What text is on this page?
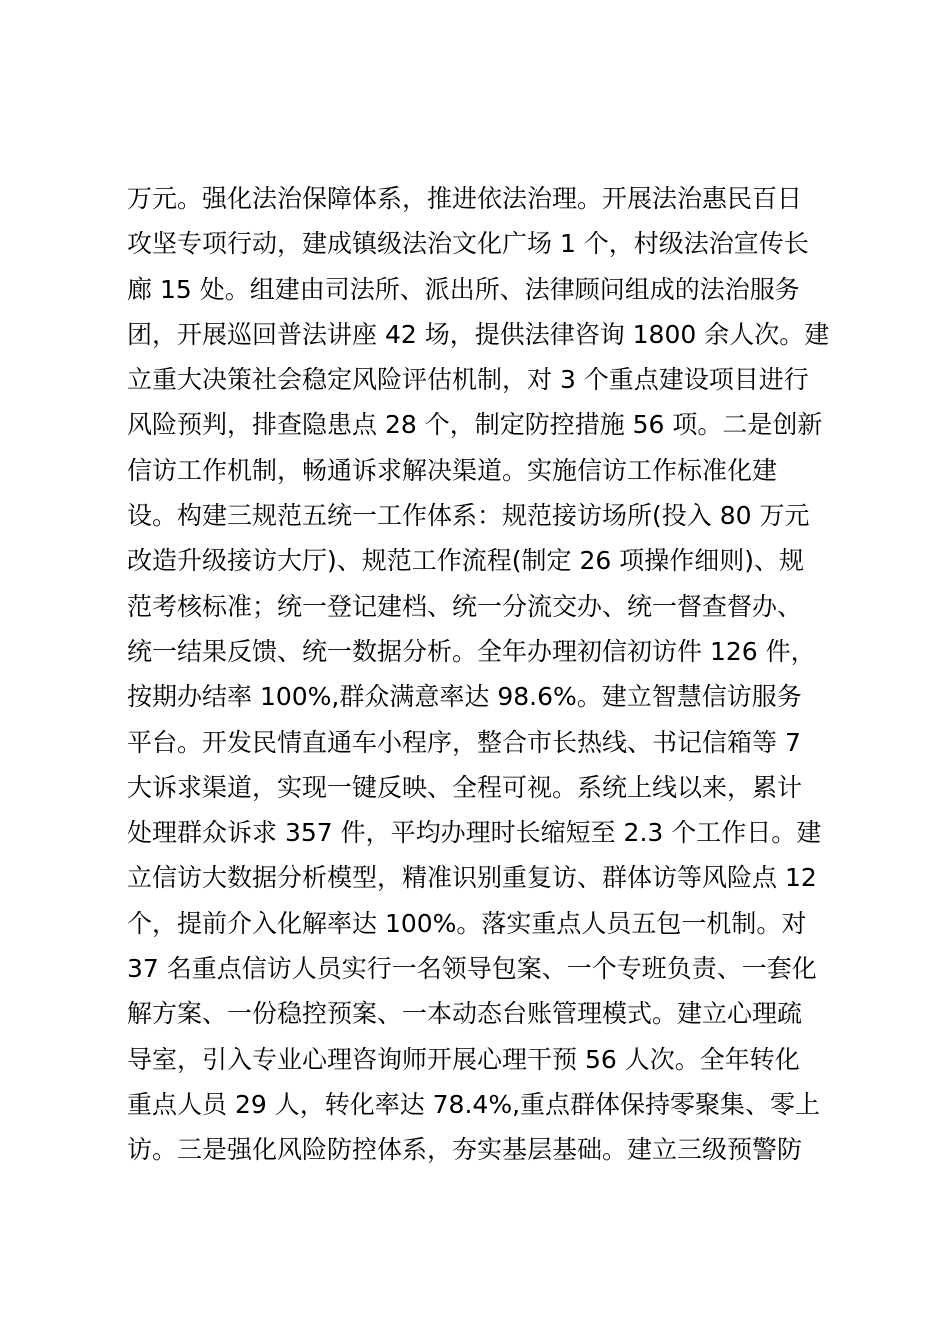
万元。强化法治保障体系，推进依法治理。开展法治惠民百日
攻坚专项行动，建成镇级法治文化广场 1 个，村级法治宣传长
廊 15 处。组建由司法所、派出所、法律顾问组成的法治服务
团，开展巡回普法讲座 42 场，提供法律咨询 1800 余人次。建
立重大决策社会稳定风险评估机制，对 3 个重点建设项目进行
风险预判，排查隐患点 28 个，制定防控措施 56 项。二是创新
信访工作机制，畅通诉求解决渠道。实施信访工作标准化建
设。构建三规范五统一工作体系：规范接访场所(投入 80 万元
改造升级接访大厅)、规范工作流程(制定 26 项操作细则)、规
范考核标准；统一登记建档、统一分流交办、统一督查督办、
统一结果反馈、统一数据分析。全年办理初信初访件 126 件，
按期办结率 100%,群众满意率达 98.6%。建立智慧信访服务
平台。开发民情直通车小程序，整合市长热线、书记信箱等 7
大诉求渠道，实现一键反映、全程可视。系统上线以来，累计
处理群众诉求 357 件，平均办理时长缩短至 2.3 个工作日。建
立信访大数据分析模型，精准识别重复访、群体访等风险点 12
个，提前介入化解率达 100%。落实重点人员五包一机制。对
37 名重点信访人员实行一名领导包案、一个专班负责、一套化
解方案、一份稳控预案、一本动态台账管理模式。建立心理疏
导室，引入专业心理咨询师开展心理干预 56 人次。全年转化
重点人员 29 人，转化率达 78.4%,重点群体保持零聚集、零上
访。三是强化风险防控体系，夯实基层基础。建立三级预警防
